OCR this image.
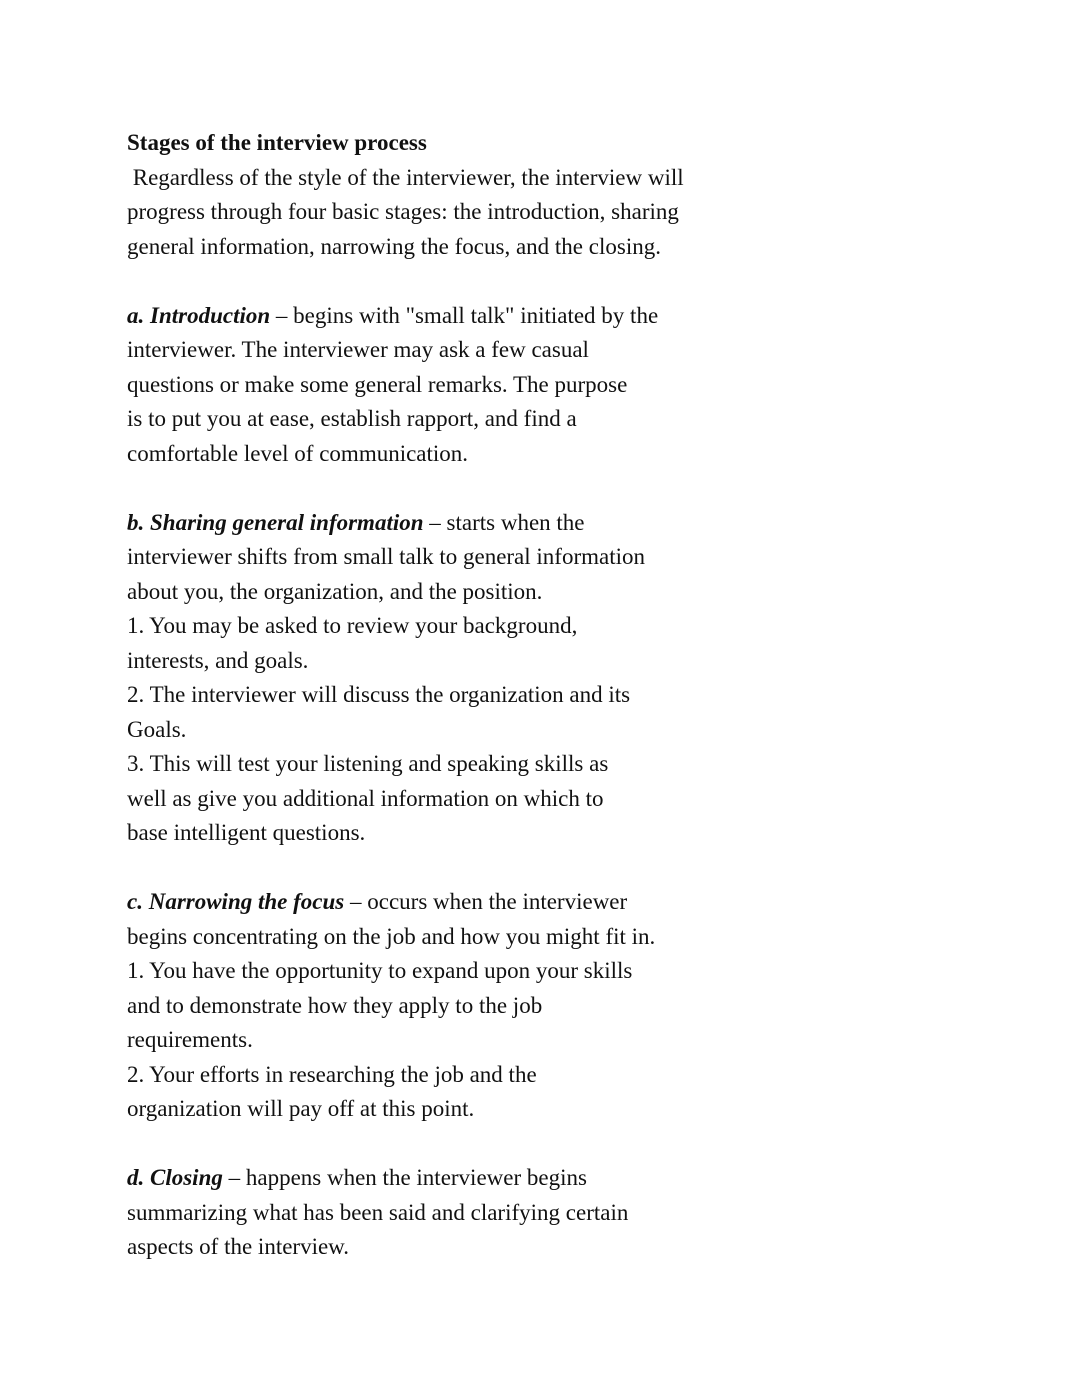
Stages of the interview process
Regardless of the style of the interviewer, the interview will
progress through four basic stages: the introduction, sharing
general information, narrowing the focus, and the closing.
a. Introduction – begins with "small talk" initiated by the
interviewer. The interviewer may ask a few casual
questions or make some general remarks. The purpose
is to put you at ease, establish rapport, and find a
comfortable level of communication.
b. Sharing general information – starts when the
interviewer shifts from small talk to general information
about you, the organization, and the position.
1. You may be asked to review your background,
interests, and goals.
2. The interviewer will discuss the organization and its
Goals.
3. This will test your listening and speaking skills as
well as give you additional information on which to
base intelligent questions.
c. Narrowing the focus – occurs when the interviewer
begins concentrating on the job and how you might fit in.
1. You have the opportunity to expand upon your skills
and to demonstrate how they apply to the job
requirements.
2. Your efforts in researching the job and the
organization will pay off at this point.
d. Closing – happens when the interviewer begins
summarizing what has been said and clarifying certain
aspects of the interview.
